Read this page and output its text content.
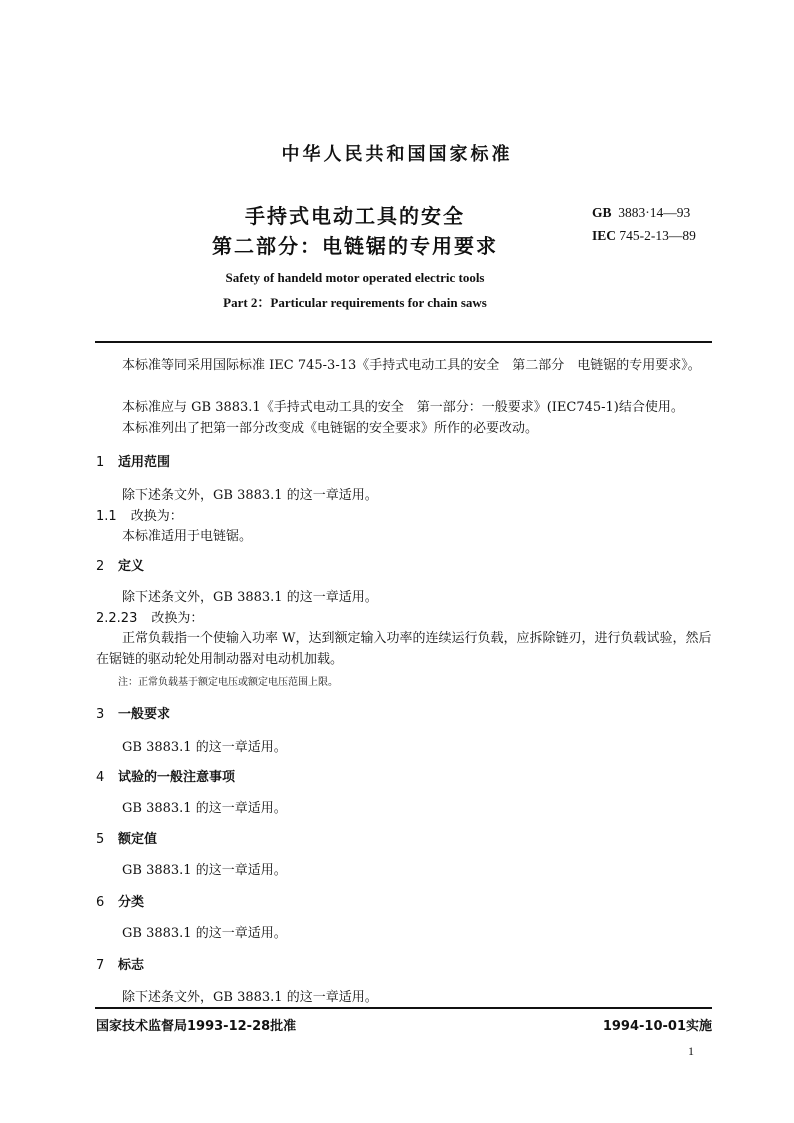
中华人民共和国国家标准
手持式电动工具的安全
第二部分：电链锯的专用要求
GB 3883·14—93
IEC 745-2-13—89
Safety of handeld motor operated electric tools
Part 2：Particular requirements for chain saws
本标准等同采用国际标准 IEC 745-3-13《手持式电动工具的安全　第二部分　电链锯的专用要求》。
本标准应与 GB 3883.1《手持式电动工具的安全　第一部分：一般要求》(IEC745-1)结合使用。
本标准列出了把第一部分改变成《电链锯的安全要求》所作的必要改动。
1 适用范围
除下述条文外，GB 3883.1 的这一章适用。
1.1 改换为：
本标准适用于电链锯。
2 定义
除下述条文外，GB 3883.1 的这一章适用。
2.2.23 改换为：
正常负载指一个使输入功率 W，达到额定输入功率的连续运行负载，应拆除链刃，进行负载试验，然后在锯链的驱动轮处用制动器对电动机加载。
注：正常负载基于额定电压或额定电压范围上限。
3 一般要求
GB 3883.1 的这一章适用。
4 试验的一般注意事项
GB 3883.1 的这一章适用。
5 额定值
GB 3883.1 的这一章适用。
6 分类
GB 3883.1 的这一章适用。
7 标志
除下述条文外，GB 3883.1 的这一章适用。
国家技术监督局1993-12-28批准	1994-10-01实施
1
